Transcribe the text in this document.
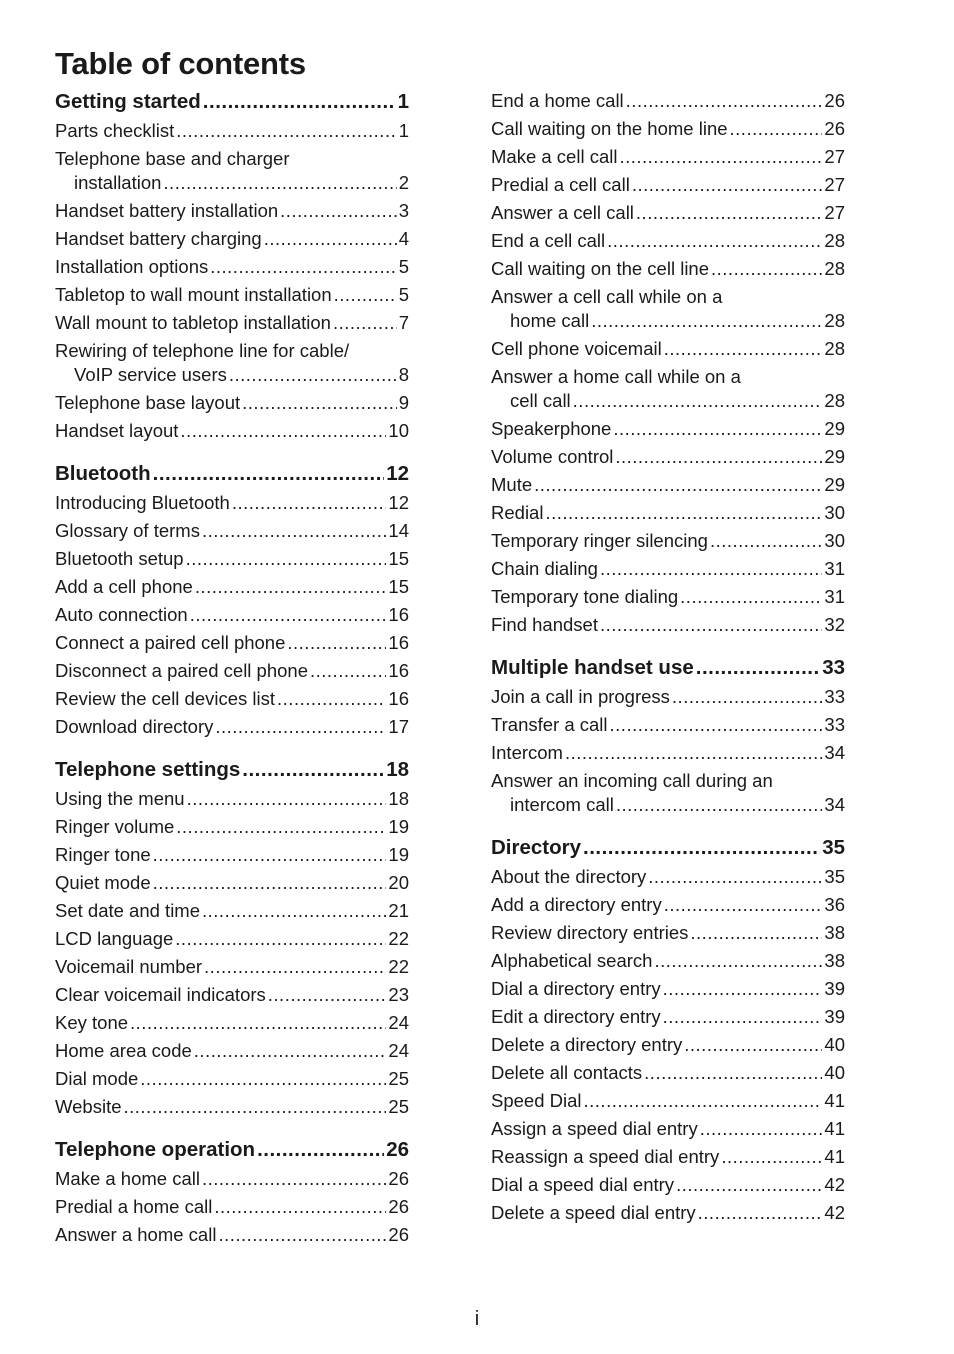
Table of contents
Getting started .....	1
Parts checklist .....	1
Telephone base and charger
installation .....	2
Handset battery installation .....	3
Handset battery charging .....	4
Installation options .....	5
Tabletop to wall mount installation .....	5
Wall mount to tabletop installation .....	7
Rewiring of telephone line for cable/
VoIP service users .....	8
Telephone base layout .....	9
Handset layout .....	10
Bluetooth .....	12
Introducing Bluetooth .....	12
Glossary of terms .....	14
Bluetooth setup .....	15
Add a cell phone .....	15
Auto connection .....	16
Connect a paired cell phone .....	16
Disconnect a paired cell phone .....	16
Review the cell devices list .....	16
Download directory .....	17
Telephone settings .....	18
Using the menu .....	18
Ringer volume .....	19
Ringer tone .....	19
Quiet mode .....	20
Set date and time .....	21
LCD language .....	22
Voicemail number .....	22
Clear voicemail indicators .....	23
Key tone .....	24
Home area code .....	24
Dial mode .....	25
Website .....	25
Telephone operation .....	26
Make a home call .....	26
Predial a home call .....	26
Answer a home call .....	26
End a home call .....	26
Call waiting on the home line .....	26
Make a cell call .....	27
Predial a cell call .....	27
Answer a cell call .....	27
End a cell call .....	28
Call waiting on the cell line .....	28
Answer a cell call while on a
home call .....	28
Cell phone voicemail .....	28
Answer a home call while on a
cell call .....	28
Speakerphone .....	29
Volume control .....	29
Mute .....	29
Redial .....	30
Temporary ringer silencing .....	30
Chain dialing .....	31
Temporary tone dialing .....	31
Find handset .....	32
Multiple handset use .....	33
Join a call in progress .....	33
Transfer a call .....	33
Intercom .....	34
Answer an incoming call during an
intercom call .....	34
Directory .....	35
About the directory .....	35
Add a directory entry .....	36
Review directory entries .....	38
Alphabetical search .....	38
Dial a directory entry .....	39
Edit a directory entry .....	39
Delete a directory entry .....	40
Delete all contacts .....	40
Speed Dial .....	41
Assign a speed dial entry .....	41
Reassign a speed dial entry .....	41
Dial a speed dial entry .....	42
Delete a speed dial entry .....	42
i
